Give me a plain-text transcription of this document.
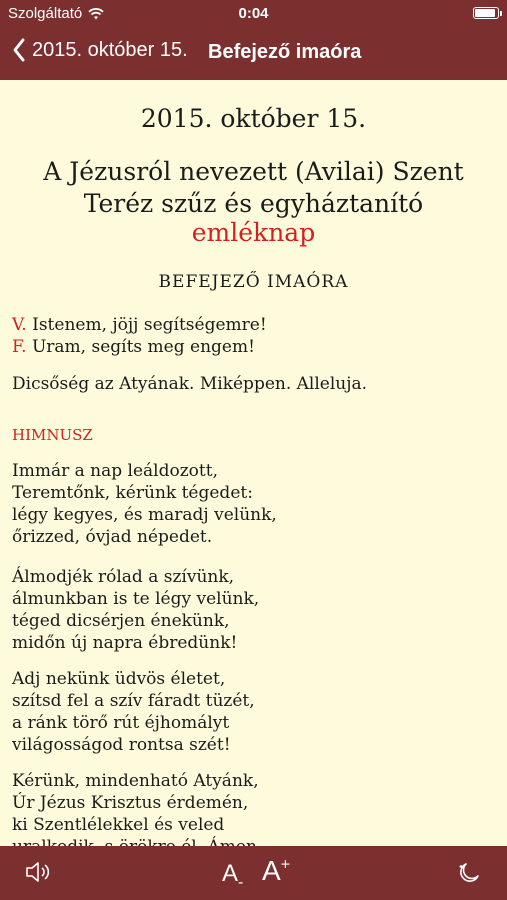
Szolgáltató	0:04
2015. október 15. Befejező imaóra
2015. október 15.
A Jézusról nevezett (Avilai) Szent Teréz szűz és egyháztanító
emléknap
BEFEJEZŐ IMAÓRA
V. Istenem, jöjj segítségemre!
F. Uram, segíts meg engem!
Dicsőség az Atyának. Miképpen. Alleluja.
HIMNUSZ
Immár a nap leáldozott,
Teremtőnk, kérünk tégedet:
légy kegyes, és maradj velünk,
őrizzed, óvjad népedet.
Álmodjék rólad a szívünk,
álmunkban is te légy velünk,
téged dicsérjen énekünk,
midőn új napra ébredünk!
Adj nekünk üdvös életet,
szítsd fel a szív fáradt tüzét,
a ránk törő rút éjhomályt
világosságod rontsa szét!
Kérünk, mindenható Atyánk,
Úr Jézus Krisztus érdemén,
ki Szentlélekkel és veled
$A_-$ A+
